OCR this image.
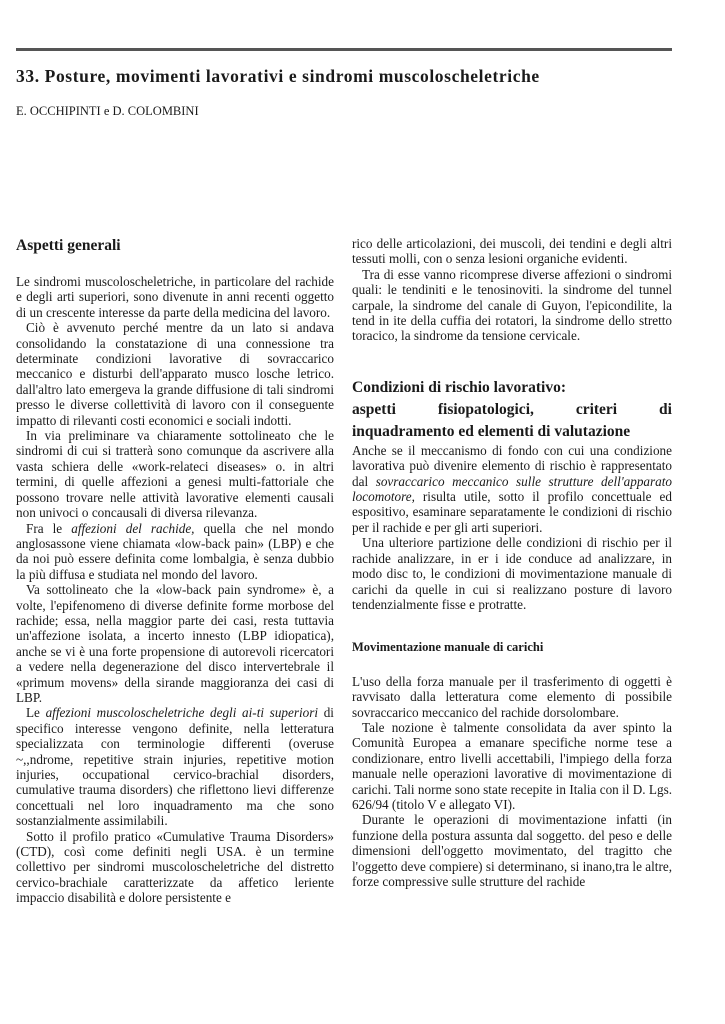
33. Posture, movimenti lavorativi e sindromi muscoloscheletriche

E. OCCHIPINTI e D. COLOMBINI

Aspetti generali

Le sindromi muscoloscheletriche, in particolare del rachide e degli arti superiori, sono divenute in anni recenti oggetto di un crescente interesse da parte della medicina del lavoro.

Ciò è avvenuto perché mentre da un lato si andava consolidando la constatazione di una connessione tra determinate condizioni lavorative di sovraccarico meccanico e disturbi dell'apparato musco losche letrico. dall'altro lato emergeva la grande diffusione di tali sindromi presso le diverse collettività di lavoro con il conseguente impatto di rilevanti costi economici e sociali indotti.

In via preliminare va chiaramente sottolineato che le sindromi di cui si tratterà sono comunque da ascrivere alla vasta schiera delle «work-relateci diseases» o. in altri termini, di quelle affezioni a genesi multi-fattoriale che possono trovare nelle attività lavorative elementi causali non univoci o concausali di diversa rilevanza.

Fra le affezioni del rachide, quella che nel mondo anglosassone viene chiamata «low-back pain» (LBP) e che da noi può essere definita come lombalgia, è senza dubbio la più diffusa e studiata nel mondo del lavoro.

Va sottolineato che la «low-back pain syndrome» è, a volte, l'epifenomeno di diverse definite forme morbose del rachide; essa, nella maggior parte dei casi, resta tuttavia un'affezione isolata, a incerto innesto (LBP idiopatica), anche se vi è una forte propensione di autorevoli ricercatori a vedere nella degenerazione del disco intervertebrale il «primum movens» della sirande maggioranza dei casi di LBP.

Le affezioni muscoloscheletriche degli ai-ti superiori di specifico interesse vengono definite, nella letteratura specializzata con terminologie differenti (overuse ~,,ndrome, repetitive strain injuries, repetitive motion injuries, occupational cervico-brachial disorders, cumulative trauma disorders) che riflettono lievi differenze concettuali nel loro inquadramento ma che sono sostanzialmente assimilabili.

Sotto il profilo pratico «Cumulative Trauma Disorders» (CTD), così come definiti negli USA. è un termine collettivo per sindromi muscoloscheletriche del distretto cervico-brachiale caratterizzate da affetico leriente impaccio disabilità e dolore persistente e

rico delle articolazioni, dei muscoli, dei tendini e degli altri tessuti molli, con o senza lesioni organiche evidenti.

Tra di esse vanno ricomprese diverse affezioni o sindromi quali: le tendiniti e le tenosinoviti. la sindrome del tunnel carpale, la sindrome del canale di Guyon, l'epicondilite, la tend in ite della cuffia dei rotatori, la sindrome dello stretto toracico, la sindrome da tensione cervicale.

Condizioni di rischio lavorativo:
aspetti fisiopatologici, criteri di
inquadramento ed elementi di valutazione

Anche se il meccanismo di fondo con cui una condizione lavorativa può divenire elemento di rischio è rappresentato dal sovraccarico meccanico sulle strutture dell'apparato locomotore, risulta utile, sotto il profilo concettuale ed espositivo, esaminare separatamente le condizioni di rischio per il rachide e per gli arti superiori.

Una ulteriore partizione delle condizioni di rischio per il rachide analizzare, in er i ide conduce ad analizzare, in modo disc to, le condizioni di movimentazione manuale di carichi da quelle in cui si realizzano posture di lavoro tendenzialmente fisse e protratte.

Movimentazione manuale di carichi

L'uso della forza manuale per il trasferimento di oggetti è ravvisato dalla letteratura come elemento di possibile sovraccarico meccanico del rachide dorsolombare.

Tale nozione è talmente consolidata da aver spinto la Comunità Europea a emanare specifiche norme tese a condizionare, entro livelli accettabili, l'impiego della forza manuale nelle operazioni lavorative di movimentazione di carichi. Tali norme sono state recepite in Italia con il D. Lgs. 626/94 (titolo V e allegato VI).

Durante le operazioni di movimentazione infatti (in funzione della postura assunta dal soggetto. del peso e delle dimensioni dell'oggetto movimentato, del tragitto che l'oggetto deve compiere) si determinano, si inano,tra le altre, forze compressive sulle strutture del rachide
